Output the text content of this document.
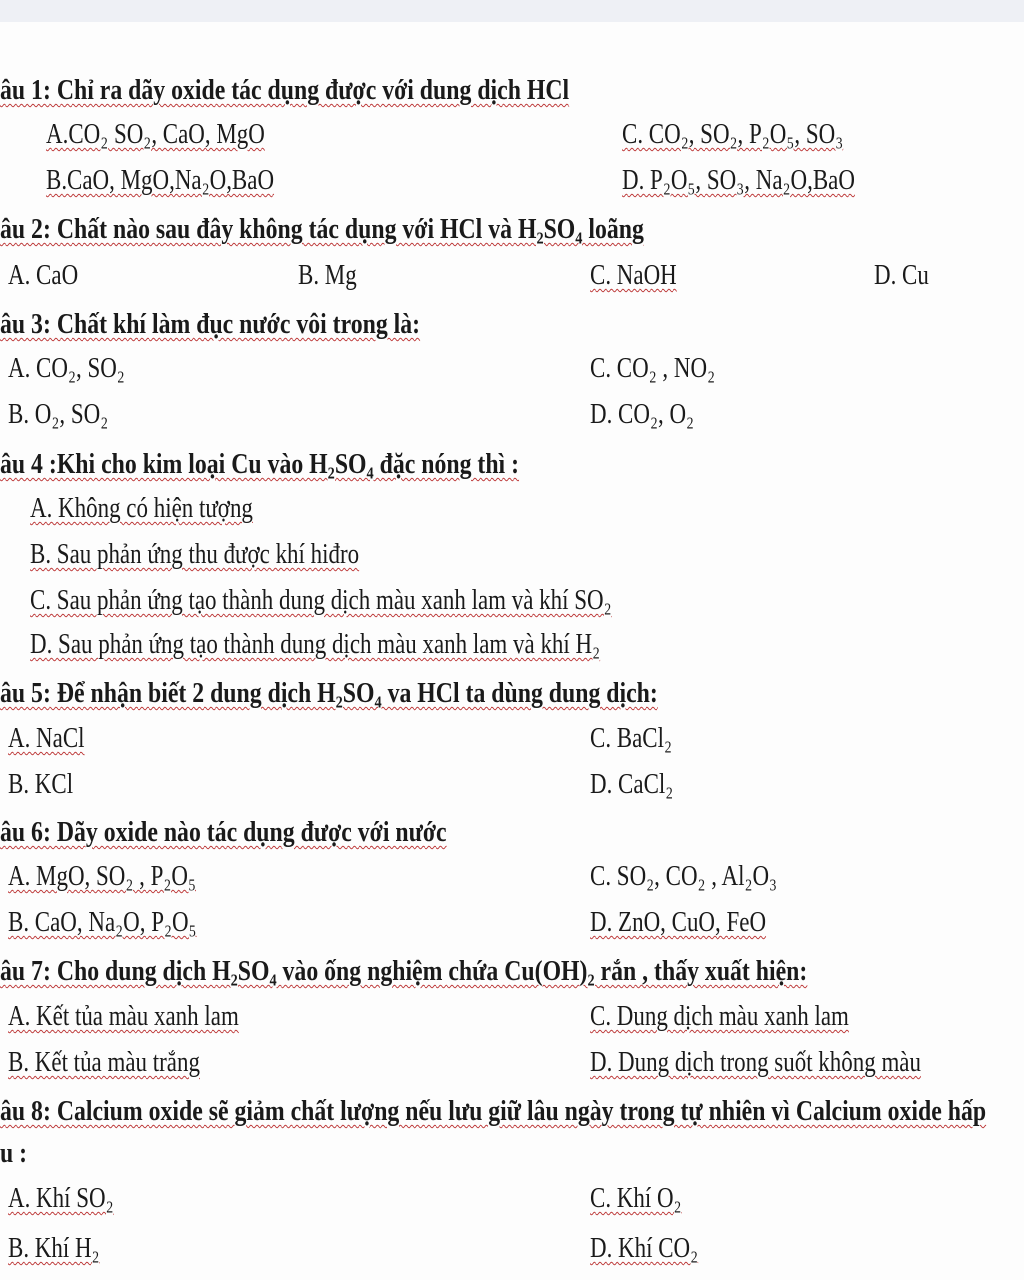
âu 1: Chỉ ra dãy oxide tác dụng được với dung dịch HCl
A.CO₂ SO₂, CaO, MgO	C. CO₂, SO₂, P₂O₅, SO₃
B.CaO, MgO,Na₂O,BaO	D. P₂O₅, SO₃, Na₂O,BaO
âu 2: Chất nào sau đây không tác dụng với HCl và H₂SO₄ loãng
A. CaO	B. Mg	C. NaOH	D. Cu
âu 3: Chất khí làm đục nước vôi trong là:
A. CO₂, SO₂	C. CO₂ , NO₂
B. O₂, SO₂	D. CO₂, O₂
âu 4 :Khi cho kim loại Cu vào H₂SO₄ đặc nóng thì :
A. Không có hiện tượng
B. Sau phản ứng thu được khí hiđro
C. Sau phản ứng tạo thành dung dịch màu xanh lam và khí SO₂
D. Sau phản ứng tạo thành dung dịch màu xanh lam và khí H₂
âu 5: Để nhận biết 2 dung dịch H₂SO₄ va HCl ta dùng dung dịch:
A. NaCl	C. BaCl₂
B. KCl	D. CaCl₂
âu 6: Dãy oxide nào tác dụng được với nước
A. MgO, SO₂ , P₂O₅	C. SO₂, CO₂ , Al₂O₃
B. CaO, Na₂O, P₂O₅	D. ZnO, CuO, FeO
âu 7: Cho dung dịch H₂SO₄ vào ống nghiệm chứa Cu(OH)₂ rắn , thấy xuất hiện:
A. Kết tủa màu xanh lam	C. Dung dịch màu xanh lam
B. Kết tủa màu trắng	D. Dung dịch trong suốt không màu
âu 8: Calcium oxide sẽ giảm chất lượng nếu lưu giữ lâu ngày trong tự nhiên vì Calcium oxide hấp
u :
A. Khí SO₂	C. Khí O₂
B. Khí H₂	D. Khí CO₂
